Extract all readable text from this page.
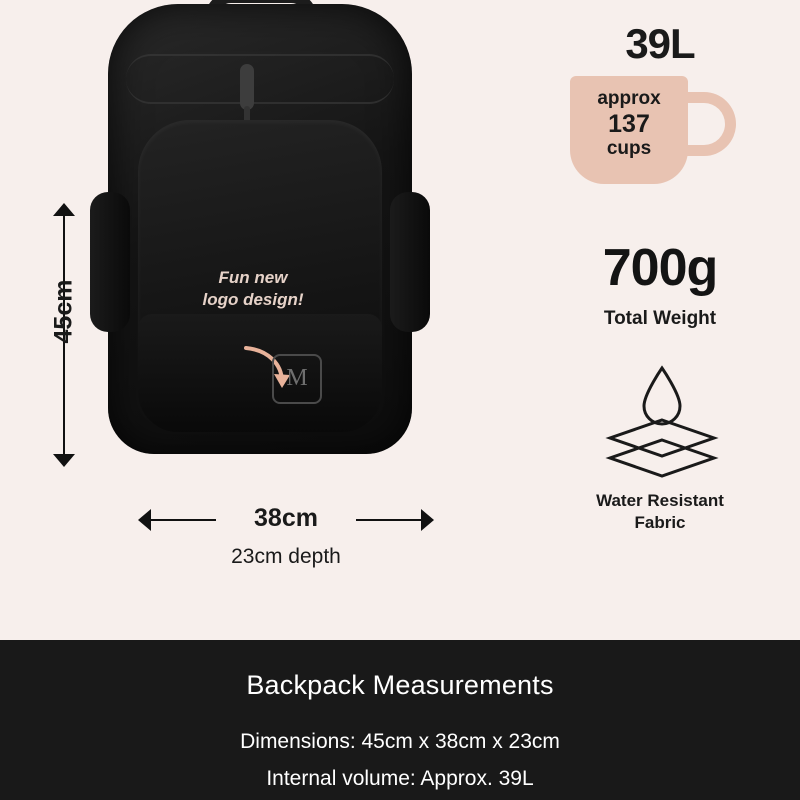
Fun new
logo design!
M
45cm
38cm
23cm depth
39L
approx
137
cups
700g
Total Weight
Water Resistant
Fabric
Backpack Measurements
Dimensions: 45cm x 38cm x 23cm
Internal volume: Approx. 39L
